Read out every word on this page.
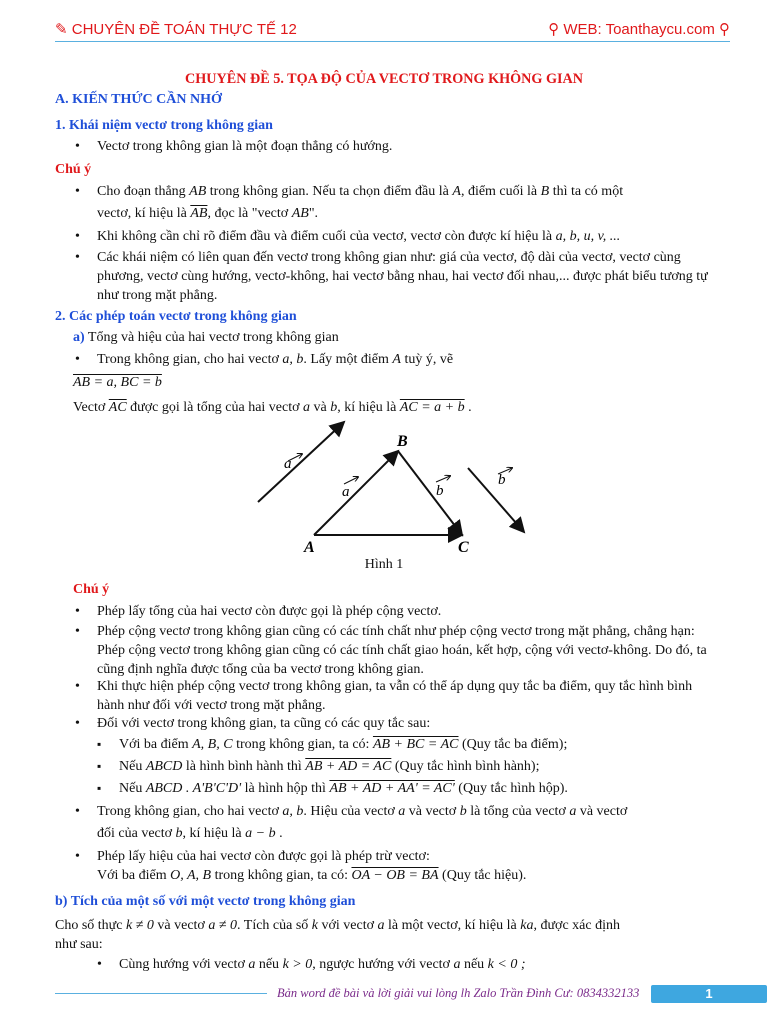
✎ CHUYÊN ĐỀ TOÁN THỰC TẾ 12	⚲ WEB: Toanthaycu.com ⚲
CHUYÊN ĐỀ 5. TỌA ĐỘ CỦA VECTƠ TRONG KHÔNG GIAN
A. KIẾN THỨC CẦN NHỚ
1. Khái niệm vectơ trong không gian
• Vectơ trong không gian là một đoạn thẳng có hướng.
Chú ý
• Cho đoạn thẳng AB trong không gian. Nếu ta chọn điểm đầu là A, điểm cuối là B thì ta có một
vectơ, kí hiệu là $\overline{AB}$, đọc là "vectơ AB".
• Khi không cần chỉ rõ điểm đầu và điểm cuối của vectơ, vectơ còn được kí hiệu là a, b, u, v, ...
• Các khái niệm có liên quan đến vectơ trong không gian như: giá của vectơ, độ dài của vectơ, vectơ cùng phương, vectơ cùng hướng, vectơ-không, hai vectơ bằng nhau, hai vectơ đối nhau,... được phát biểu tương tự như trong mặt phẳng.
2. Các phép toán vectơ trong không gian
a) Tổng và hiệu của hai vectơ trong không gian
• Trong không gian, cho hai vectơ a, b. Lấy một điểm A tuỳ ý, vẽ
AB = a, BC = b
Vectơ $\overline{AC}$ được gọi là tổng của hai vectơ a và b, kí hiệu là AC = a + b .
a
a	b
b
A
B
C
Hình 1
Chú ý
• Phép lấy tổng của hai vectơ còn được gọi là phép cộng vectơ.
• Phép cộng vectơ trong không gian cũng có các tính chất như phép cộng vectơ trong mặt phẳng, chẳng hạn: Phép cộng vectơ trong không gian cũng có các tính chất giao hoán, kết hợp, cộng với vectơ-không. Do đó, ta cũng định nghĩa được tổng của ba vectơ trong không gian.
• Khi thực hiện phép cộng vectơ trong không gian, ta vẫn có thể áp dụng quy tắc ba điểm, quy tắc hình bình hành như đối với vectơ trong mặt phẳng.
• Đối với vectơ trong không gian, ta cũng có các quy tắc sau:
▪ Với ba điểm A, B, C trong không gian, ta có: AB + BC = AC (Quy tắc ba điểm);
▪ Nếu ABCD là hình bình hành thì AB + AD = AC (Quy tắc hình bình hành);
▪ Nếu ABCD . A'B'C'D' là hình hộp thì AB + AD + AA' = AC' (Quy tắc hình hộp).
• Trong không gian, cho hai vectơ a, b. Hiệu của vectơ a và vectơ b là tổng của vectơ a và vectơ
đối của vectơ b, kí hiệu là a − b .
• Phép lấy hiệu của hai vectơ còn được gọi là phép trừ vectơ:
Với ba điểm O, A, B trong không gian, ta có: OA − OB = BA (Quy tắc hiệu).
b) Tích của một số với một vectơ trong không gian
Cho số thực k ≠ 0 và vectơ a ≠ 0. Tích của số k với vectơ a là một vectơ, kí hiệu là ka, được xác định
như sau:
• Cùng hướng với vectơ a nếu k > 0, ngược hướng với vectơ a nếu k < 0 ;
Bản word đề bài và lời giải vui lòng lh Zalo Trần Đình Cư: 0834332133	1
